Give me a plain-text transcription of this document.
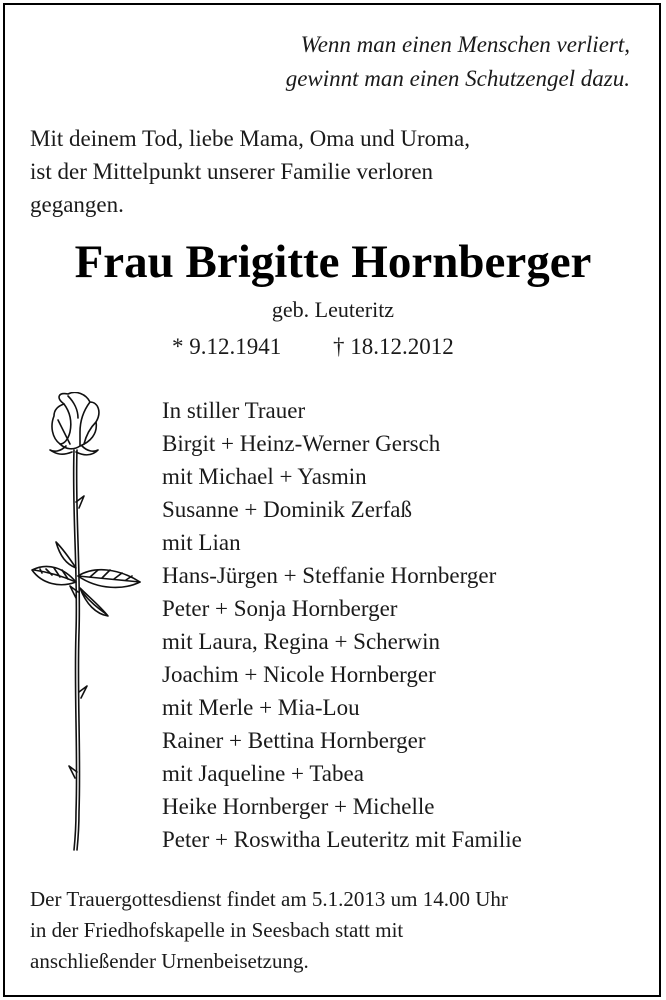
Wenn man einen Menschen verliert,
gewinnt man einen Schutzengel dazu.
Mit deinem Tod, liebe Mama, Oma und Uroma,
ist der Mittelpunkt unserer Familie verloren
gegangen.
Frau Brigitte Hornberger
geb. Leuteritz
* 9.12.1941 † 18.12.2012
In stiller Trauer
Birgit + Heinz-Werner Gersch
mit Michael + Yasmin
Susanne + Dominik Zerfaß
mit Lian
Hans-Jürgen + Steffanie Hornberger
Peter + Sonja Hornberger
mit Laura, Regina + Scherwin
Joachim + Nicole Hornberger
mit Merle + Mia-Lou
Rainer + Bettina Hornberger
mit Jaqueline + Tabea
Heike Hornberger + Michelle
Peter + Roswitha Leuteritz mit Familie
Der Trauergottesdienst findet am 5.1.2013 um 14.00 Uhr
in der Friedhofskapelle in Seesbach statt mit
anschließender Urnenbeisetzung.
